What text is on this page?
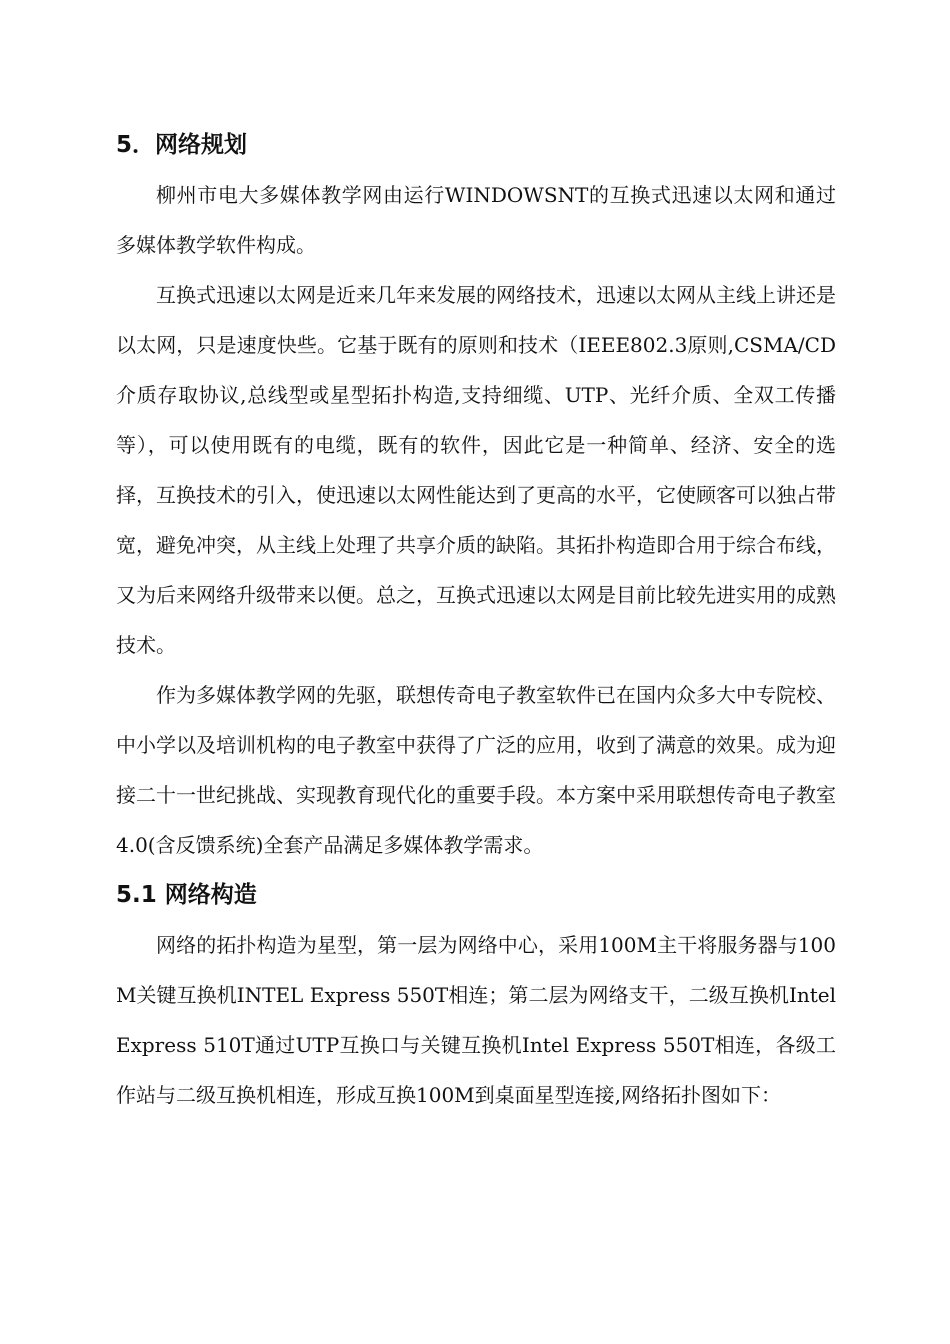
5．网络规划

柳州市电大多媒体教学网由运行WINDOWSNT的互换式迅速以太网和通过多媒体教学软件构成。

互换式迅速以太网是近来几年来发展的网络技术，迅速以太网从主线上讲还是以太网，只是速度快些。它基于既有的原则和技术（IEEE802.3原则,CSMA/CD介质存取协议,总线型或星型拓扑构造,支持细缆、UTP、光纤介质、全双工传播等），可以使用既有的电缆，既有的软件，因此它是一种简单、经济、安全的选择，互换技术的引入，使迅速以太网性能达到了更高的水平，它使顾客可以独占带宽，避免冲突，从主线上处理了共享介质的缺陷。其拓扑构造即合用于综合布线，又为后来网络升级带来以便。总之，互换式迅速以太网是目前比较先进实用的成熟技术。

作为多媒体教学网的先驱，联想传奇电子教室软件已在国内众多大中专院校、中小学以及培训机构的电子教室中获得了广泛的应用，收到了满意的效果。成为迎接二十一世纪挑战、实现教育现代化的重要手段。本方案中采用联想传奇电子教室4.0(含反馈系统)全套产品满足多媒体教学需求。

5.1 网络构造

网络的拓扑构造为星型，第一层为网络中心，采用100M主干将服务器与100M关键互换机INTEL Express 550T相连；第二层为网络支干，二级互换机Intel Express 510T通过UTP互换口与关键互换机Intel Express 550T相连，各级工作站与二级互换机相连，形成互换100M到桌面星型连接,网络拓扑图如下：
